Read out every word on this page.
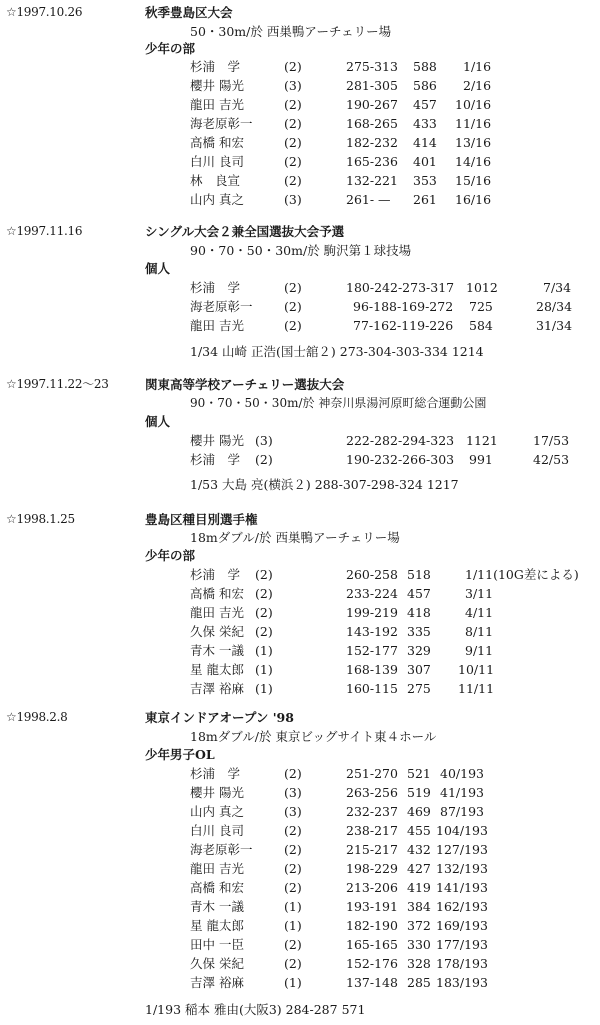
☆1997.10.26	秋季豊島区大会
50・30m/於 西巣鴨アーチェリー場
少年の部
杉浦　学	(2)	275-313 588 1/16
櫻井 陽光	(3)	281-305 586 2/16
龍田 吉光	(2)	190-267 457 10/16
海老原彰一	(2)	168-265 433 11/16
高橋 和宏	(2)	182-232 414 13/16
白川 良司	(2)	165-236 401 14/16
林　良宣	(2)	132-221 353 15/16
山内 真之	(3)	261- — 261 16/16
☆1997.11.16	シングル大会２兼全国選抜大会予選
90・70・50・30m/於 駒沢第１球技場
個人
杉浦　学	(2)	180-242-273-317 1012	7/34
海老原彰一	(2)	96-188-169-272 725	28/34
龍田 吉光	(2)	77-162-119-226 584	31/34
1/34 山崎 正浩(国士舘２) 273-304-303-334 1214
☆1997.11.22～23	関東高等学校アーチェリー選抜大会
90・70・50・30m/於 神奈川県湯河原町総合運動公園
個人
櫻井 陽光 (3)	222-282-294-323 1121	17/53
杉浦　学 (2)	190-232-266-303 991	42/53
1/53 大島 亮(横浜２) 288-307-298-324 1217
☆1998.1.25	豊島区種目別選手権
18mダブル/於 西巣鴨アーチェリー場
少年の部
杉浦　学 (2)	260-258 518	1/11(10G差による)
高橋 和宏 (2)	233-224 457	3/11
龍田 吉光 (2)	199-219 418	4/11
久保 栄紀 (2)	143-192 335	8/11
青木 一議 (1)	152-177 329	9/11
星 龍太郎 (1)	168-139 307 10/11
吉澤 裕麻 (1)	160-115 275 11/11
☆1998.2.8	東京インドアオープン '98
18mダブル/於 東京ビッグサイト東４ホール
少年男子OL
杉浦　学	(2)	251-270 521 40/193
櫻井 陽光	(3)	263-256 519 41/193
山内 真之	(3)	232-237 469 87/193
白川 良司	(2)	238-217 455 104/193
海老原彰一	(2)	215-217 432 127/193
龍田 吉光	(2)	198-229 427 132/193
高橋 和宏	(2)	213-206 419 141/193
青木 一議	(1)	193-191 384 162/193
星 龍太郎	(1)	182-190 372 169/193
田中 一臣	(2)	165-165 330 177/193
久保 栄紀	(2)	152-176 328 178/193
吉澤 裕麻	(1)	137-148 285 183/193
1/193 稲本 雅由(大阪3) 284-287 571
